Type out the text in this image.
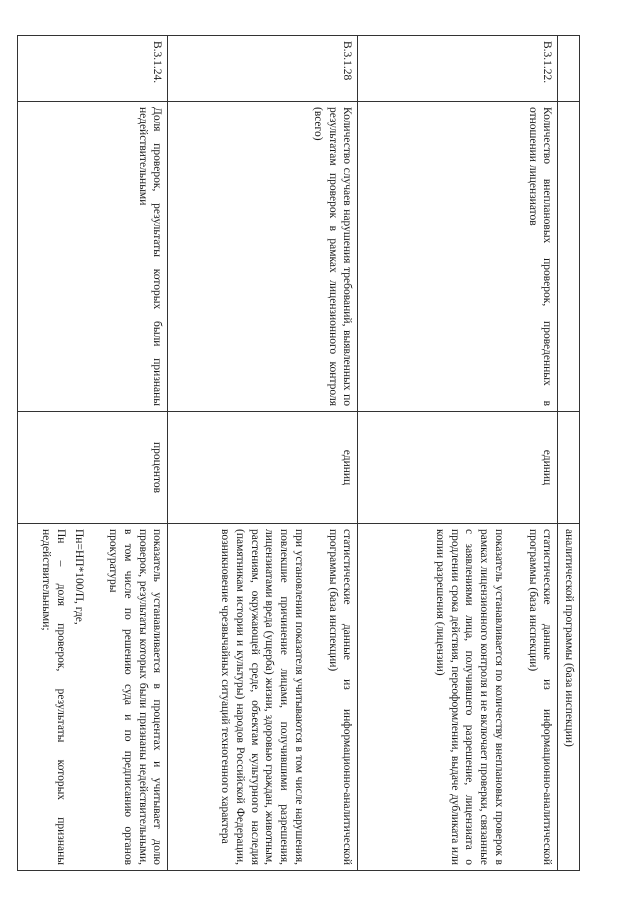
			аналитической программы (база инспекции)
В.3.1.22.	Количество внеплановых проверок, проведенных в отношении лицензиатов	единиц	статистические данные из информационно-аналитической программы (база инспекции)

показатель устанавливается по количеству внеплановых проверок в рамках лицензионного контроля и не включает проверки, связанные с заявлениями лица, получившего разрешение, лицензиата о продлении срока действия, переоформлении, выдаче дубликата или копии разрешения (лицензии)

В.3.1.28	Количество случаев нарушения требований, выявленных по результатам проверок в рамках лицензионного контроля (всего)	единиц	статистические данные из информационно-аналитической программы (база инспекции)

при установлении показателя учитываются в том числе нарушения, повлекшие причинение лицами, получившими разрешения, лицензиатами вреда (ущерба) жизни, здоровью граждан, животным, растениям, окружающей среде, объектам культурного наследия (памятникам истории и культуры) народов Российской Федерации, возникновение чрезвычайных ситуаций техногенного характера

В.3.1.24.	Доля проверок, результаты которых были признаны недействительными	процентов	показатель устанавливается в процентах и учитывает долю проверок, результаты которых были признаны недействительными, в том числе по решению суда и по предписанию органов прокуратуры

Пн=НП*100/П, где,

Пн – доля проверок, результаты которых признаны недействительными;
